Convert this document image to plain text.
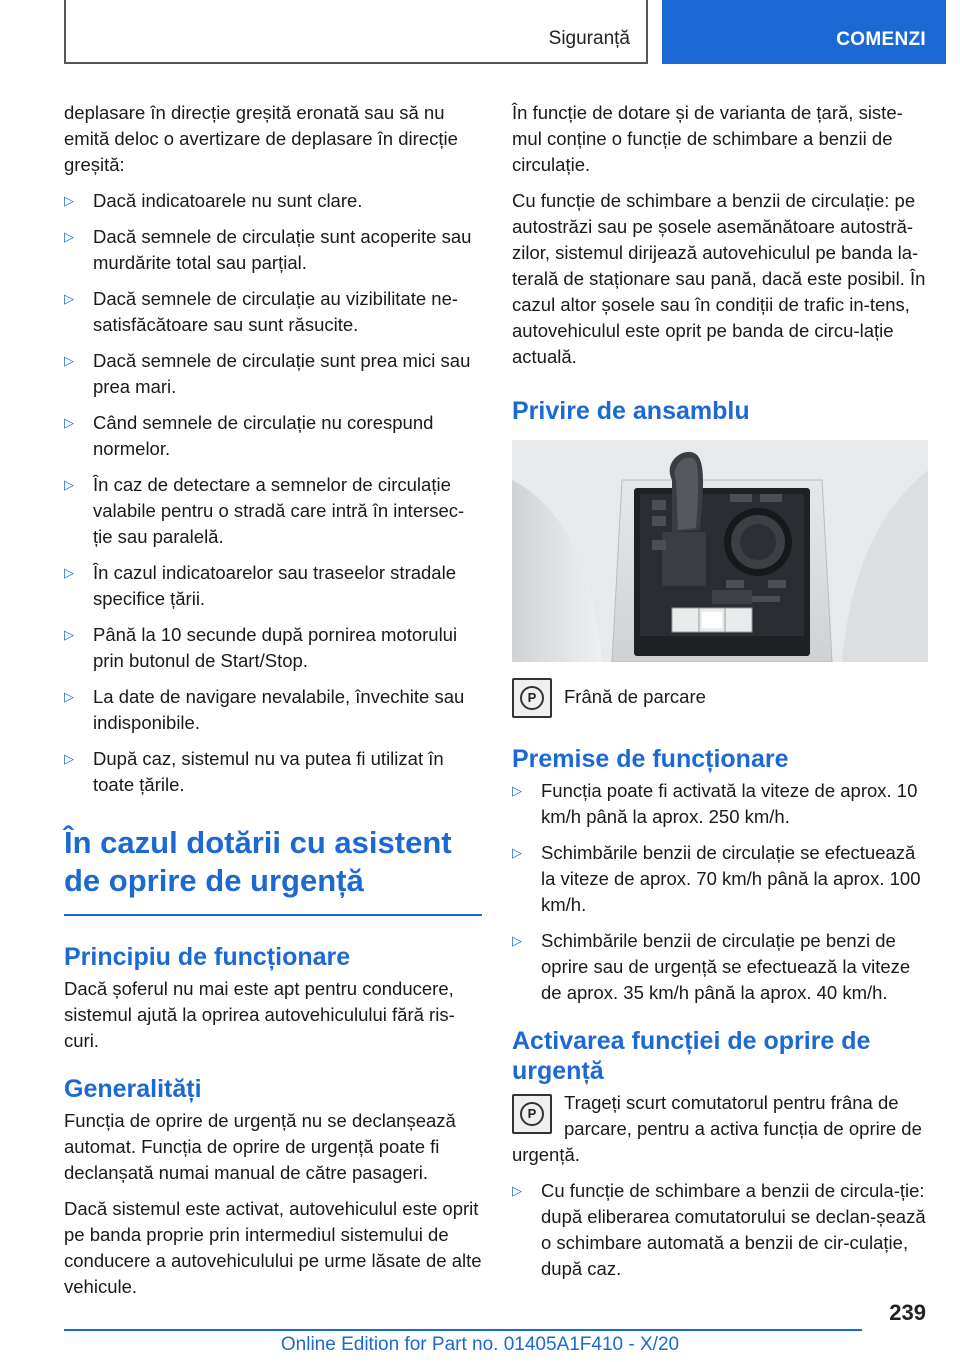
Siguranță	COMENZI

deplasare în direcție greșită eronată sau să nu emită deloc o avertizare de deplasare în direcție greșită:

▷ Dacă indicatoarele nu sunt clare.
▷ Dacă semnele de circulație sunt acoperite sau murdărite total sau parțial.
▷ Dacă semnele de circulație au vizibilitate ne-satisfăcătoare sau sunt răsucite.
▷ Dacă semnele de circulație sunt prea mici sau prea mari.
▷ Când semnele de circulație nu corespund normelor.
▷ În caz de detectare a semnelor de circulație valabile pentru o stradă care intră în intersec-ție sau paralelă.
▷ În cazul indicatoarelor sau traseelor stradale specifice țării.
▷ Până la 10 secunde după pornirea motorului prin butonul de Start/Stop.
▷ La date de navigare nevalabile, învechite sau indisponibile.
▷ După caz, sistemul nu va putea fi utilizat în toate țările.
În cazul dotării cu asistent de oprire de urgență
Principiu de funcționare

Dacă șoferul nu mai este apt pentru conducere, sistemul ajută la oprirea autovehiculului fără ris-curi.

Generalități

Funcția de oprire de urgență nu se declanșează automat. Funcția de oprire de urgență poate fi declanșată numai manual de către pasageri.

Dacă sistemul este activat, autovehiculul este oprit pe banda proprie prin intermediul sistemului de conducere a autovehiculului pe urme lăsate de alte vehicule.

În funcție de dotare și de varianta de țară, siste-mul conține o funcție de schimbare a benzii de circulație.

Cu funcție de schimbare a benzii de circulație: pe autostrăzi sau pe șosele asemănătoare autostră-zilor, sistemul dirijează autovehiculul pe banda la-terală de staționare sau pană, dacă este posibil. În cazul altor șosele sau în condiții de trafic in-tens, autovehiculul este oprit pe banda de circu-lație actuală.

Privire de ansamblu
P	Frână de parcare
Premise de funcționare
▷ Funcția poate fi activată la viteze de aprox. 10 km/h până la aprox. 250 km/h.
▷ Schimbările benzii de circulație se efectuează la viteze de aprox. 70 km/h până la aprox. 100 km/h.
▷ Schimbările benzii de circulație pe benzi de oprire sau de urgență se efectuează la viteze de aprox. 35 km/h până la aprox. 40 km/h.
Activarea funcției de oprire de urgență
P

Trageți scurt comutatorul pentru frâna de parcare, pentru a activa funcția de oprire de urgență.

▷ Cu funcție de schimbare a benzii de circula-ție: după eliberarea comutatorului se declan-șează o schimbare automată a benzii de cir-culație, după caz.
239
Online Edition for Part no. 01405A1F410 - X/20
